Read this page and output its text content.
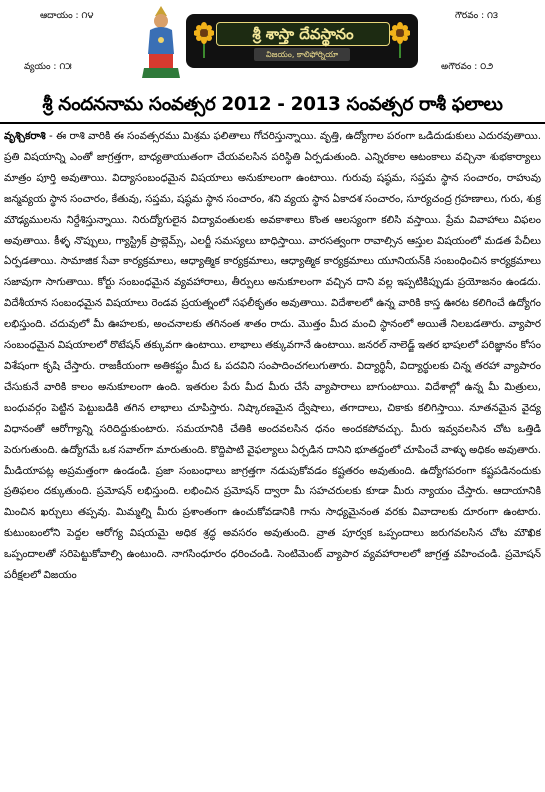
ఆదాయం : ౧౪
వ్యయం : ౧౫
గౌరవం : ౧౩
అగౌరవం : ౦౨
శ్రీ శాస్తా దేవస్థానం
విజయం, కాలిఫోర్నియా
శ్రీ నందననామ సంవత్సర 2012 - 2013 సంవత్సర రాశీ ఫలాలు
వృశ్చికరాశి - ఈ రాశి వారికి ఈ సంవత్సరము మిశ్రమ ఫలితాలు గోచరిస్తున్నాయి. వృత్తి, ఉద్యోగాల పరంగా ఒడిదుడుకులు ఎదురవుతాయి. ప్రతి విషయాన్ని ఎంతో జాగ్రత్తగా, బాధ్యతాయుతంగా చేయవలసిన పరిస్థితి ఏర్పడుతుంది. ఎన్నిరకాల ఆటంకాలు వచ్చినా శుభకార్యాలు మాత్రం పూర్తి అవుతాయి. విద్యాసంబంధమైన విషయాలు అనుకూలంగా ఉంటాయి. గురువు షష్ఠమ, సప్తమ స్థాన సంచారం, రాహువు జన్మవ్యయ స్థాన సంచారం, కేతువు, సప్తమ, షష్ఠమ స్థాన సంచారం, శని వ్యయ స్థాన ఏకాదశ సంచారం, సూర్యచంద్ర గ్రహణాలు, గురు, శుక్ర మౌఢ్యములను నిర్దేశిస్తున్నాయి. నిరుద్యోగులైన విద్యావంతులకు అవకాశాలు కొంత ఆలస్యంగా కలిసి వస్తాయి. ప్రేమ వివాహాలు విఫలం అవుతాయి. కీళ్ళ నొప్పులు, గ్యాస్ట్రిక్ ప్రాబ్లెమ్స్, ఎలర్జీ సమస్యలు బాధిస్తాయి. వారసత్వంగా రావాల్సిన ఆస్తుల విషయంలో మడత పేచీలు ఏర్పడతాయి. సామాజిక సేవా కార్యక్రమాలు, ఆధ్యాత్మిక కార్యక్రమాలు, ఆధ్యాత్మిక కార్యక్రమాలు యూనియన్‌కి సంబంధించిన కార్యక్రమాలు సజావుగా సాగుతాయి. కోర్టు సంబంధమైన వ్యవహారాలు, తీర్పులు అనుకూలంగా వచ్చిన దాని వల్ల ఇప్పటికిప్పుడు ప్రయోజనం ఉండదు. విదేశీయాన సంబంధమైన విషయాలు రెండవ ప్రయత్నంలో సఫలీకృతం అవుతాయి. విదేశాలలో ఉన్న వారికి కాస్త ఊరట కలిగించే ఉద్యోగం లభిస్తుంది. చదువులో మీ ఊహలకు, అంచనాలకు తగినంత శాతం రాదు. మొత్తం మీద మంచి స్థానంలో అయితే నిలబడతారు. వ్యాపార సంబంధమైన విషయాలలో రొటేషన్ తక్కువగా ఉంటాయి. లాభాలు తక్కువగానే ఉంటాయి. జనరల్ నాలెడ్జ్ ఇతర భాషలలో పరిజ్ఞానం కోసం విశేషంగా కృషి చేస్తారు. రాజకీయంగా అతికష్టం మీద ఓ పదవిని సంపాదించగలుగుతారు. విద్యార్థినీ, విద్యార్థులకు చిన్న తరహా వ్యాపారం చేసుకునే వారికి కాలం అనుకూలంగా ఉంది. ఇతరుల పేరు మీద మీరు చేసే వ్యాపారాలు బాగుంటాయి. విదేశాల్లో ఉన్న మీ మిత్రులు, బంధువర్గం పెట్టిన పెట్టుబడికి తగిన లాభాలు చూపిస్తారు. నిష్కారణమైన ద్వేషాలు, తగాదాలు, చికాకు కలిగిస్తాయి. నూతనమైన వైద్య విధానంతో ఆరోగ్యాన్ని సరిదిద్దుకుంటారు. సమయానికి చేతికి అందవలసిన ధనం అందకపోవచ్చు. మీరు ఇవ్వవలసిన చోట ఒత్తిడి పెరుగుతుంది. ఉద్యోగమే ఒక సవాల్‌గా మారుతుంది. కొద్దిపాటి వైఫల్యాలు ఏర్పడిన దానిని భూతద్దంలో చూపించే వాళ్ళు అధికం అవుతారు. మీడియాపట్ల అప్రమత్తంగా ఉండండి. ప్రజా సంబంధాలు జాగ్రత్తగా నడుపుకోవడం కష్టతరం అవుతుంది. ఉద్యోగపరంగా కష్టపడినందుకు ప్రతిఫలం దక్కుతుంది. ప్రమోషన్ లభిస్తుంది. లభించిన ప్రమోషన్ ద్వారా మీ సహచరులకు కూడా మీరు న్యాయం చేస్తారు. ఆదాయానికి మించిన ఖర్చులు తప్పవు. మిమ్మల్ని మీరు ప్రశాంతంగా ఉంచుకోవడానికి గాను సాధ్యమైనంత వరకు వివాదాలకు దూరంగా ఉంటారు. కుటుంబంలోని పెద్దల ఆరోగ్య విషయమై అధిక శ్రద్ధ అవసరం అవుతుంది. వ్రాత పూర్వక ఒప్పందాలు జరుగవలసిన చోట మౌఖిక ఒప్పందాలతో సరిపెట్టుకోవాల్సి ఉంటుంది. నాగసింధూరం ధరించండి. సెంటిమెంట్ వ్యాపార వ్యవహారాలలో జాగ్రత్త వహించండి. ప్రమోషన్ పరీక్షలలో విజయం
